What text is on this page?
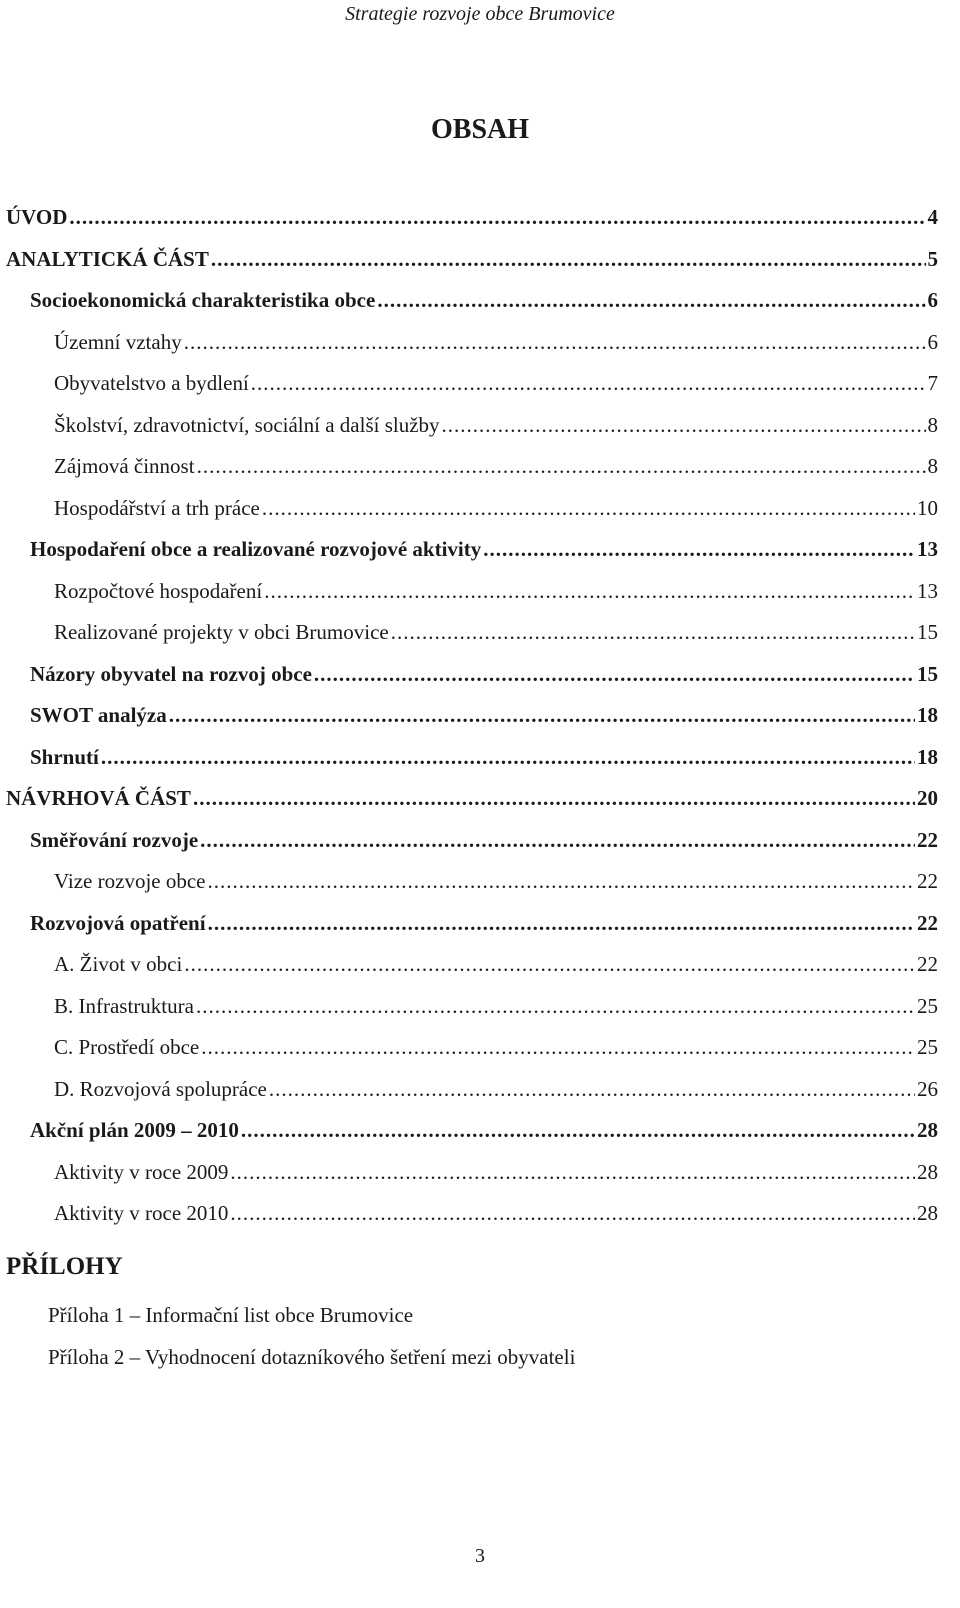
Strategie rozvoje obce Brumovice
OBSAH
ÚVOD .....	4
ANALYTICKÁ ČÁST .....	5
Socioekonomická charakteristika obce .....	6
Územní vztahy .....	6
Obyvatelstvo a bydlení .....	7
Školství, zdravotnictví, sociální a další služby .....	8
Zájmová činnost .....	8
Hospodářství a trh práce .....	10
Hospodaření obce a realizované rozvojové aktivity .....	13
Rozpočtové hospodaření .....	13
Realizované projekty v obci Brumovice .....	15
Názory obyvatel na rozvoj obce .....	15
SWOT analýza .....	18
Shrnutí .....	18
NÁVRHOVÁ ČÁST .....	20
Směřování rozvoje .....	22
Vize rozvoje obce .....	22
Rozvojová opatření .....	22
A. Život v obci .....	22
B. Infrastruktura .....	25
C. Prostředí obce .....	25
D. Rozvojová spolupráce .....	26
Akční plán 2009 – 2010 .....	28
Aktivity v roce 2009 .....	28
Aktivity v roce 2010 .....	28
PŘÍLOHY
Příloha 1 – Informační list obce Brumovice
Příloha 2 – Vyhodnocení dotazníkového šetření mezi obyvateli
3
